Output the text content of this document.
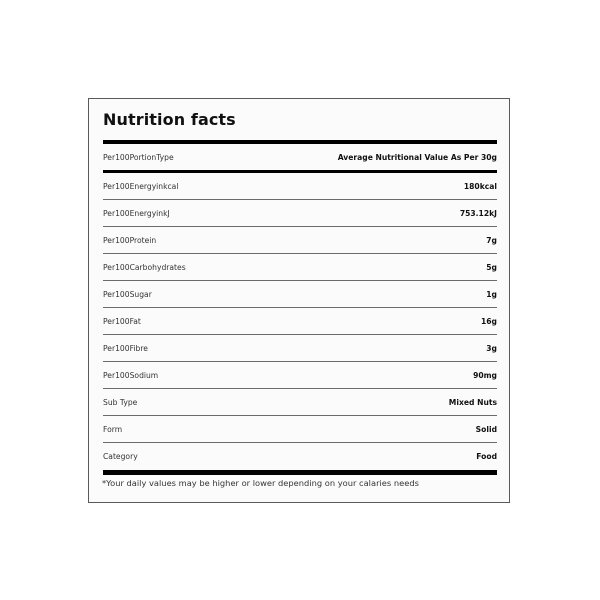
Nutrition facts
Per100PortionType	Average Nutritional Value As Per 30g
Per100Energyinkcal	180kcal
Per100EnergyinkJ	753.12kJ
Per100Protein	7g
Per100Carbohydrates	5g
Per100Sugar	1g
Per100Fat	16g
Per100Fibre	3g
Per100Sodium	90mg
Sub Type	Mixed Nuts
Form	Solid
Category	Food
*Your daily values may be higher or lower depending on your calaries needs
